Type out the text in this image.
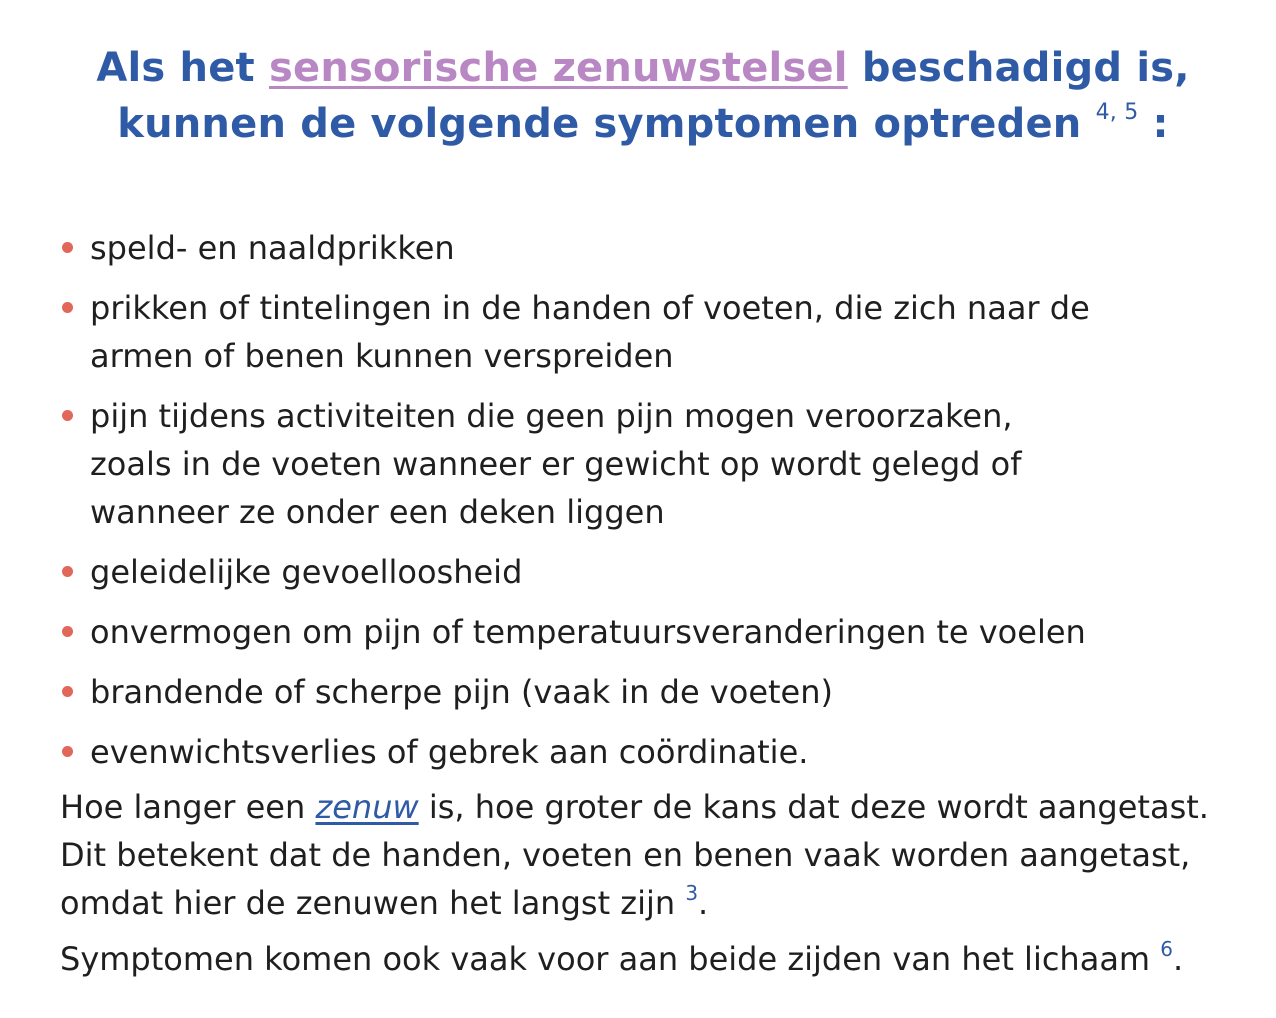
Als het sensorische zenuwstelsel beschadigd is,
kunnen de volgende symptomen optreden $^{4, 5}$ :
speld- en naaldprikken
prikken of tintelingen in de handen of voeten, die zich naar de armen of benen kunnen verspreiden
pijn tijdens activiteiten die geen pijn mogen veroorzaken, zoals in de voeten wanneer er gewicht op wordt gelegd of wanneer ze onder een deken liggen
geleidelijke gevoelloosheid
onvermogen om pijn of temperatuursveranderingen te voelen
brandende of scherpe pijn (vaak in de voeten)
evenwichtsverlies of gebrek aan coördinatie.

Hoe langer een zenuw is, hoe groter de kans dat deze wordt aangetast. Dit betekent dat de handen, voeten en benen vaak worden aangetast, omdat hier de zenuwen het langst zijn $^3$.

Symptomen komen ook vaak voor aan beide zijden van het lichaam $^6$.
